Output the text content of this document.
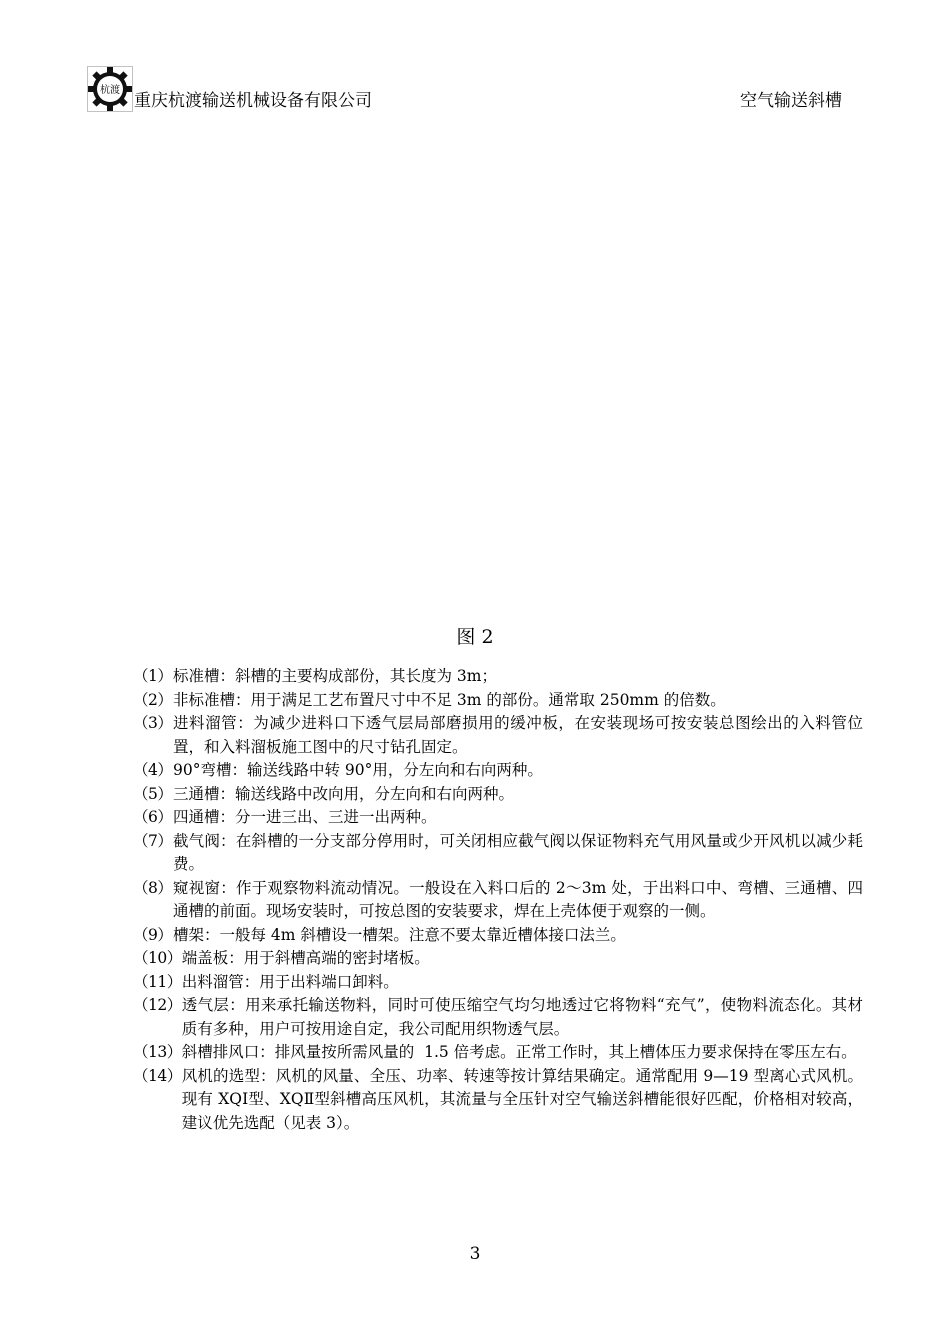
杭渡
重庆杭渡输送机械设备有限公司	空气输送斜槽
图 2
（1） 标准槽：斜槽的主要构成部份，其长度为 3m；
（2） 非标准槽：用于满足工艺布置尺寸中不足 3m 的部份。通常取 250mm 的倍数。
（3） 进料溜管：为减少进料口下透气层局部磨损用的缓冲板，在安装现场可按安装总图绘出的入料管位置，和入料溜板施工图中的尺寸钻孔固定。
（4） 90°弯槽：输送线路中转 90°用，分左向和右向两种。
（5） 三通槽：输送线路中改向用，分左向和右向两种。
（6） 四通槽：分一进三出、三进一出两种。
（7） 截气阀：在斜槽的一分支部分停用时，可关闭相应截气阀以保证物料充气用风量或少开风机以减少耗费。
（8） 窥视窗：作于观察物料流动情况。一般设在入料口后的 2～3m 处，于出料口中、弯槽、三通槽、四通槽的前面。现场安装时，可按总图的安装要求，焊在上壳体便于观察的一侧。
（9） 槽架：一般每 4m 斜槽设一槽架。注意不要太靠近槽体接口法兰。
（10） 端盖板：用于斜槽高端的密封堵板。
（11） 出料溜管：用于出料端口卸料。
（12） 透气层：用来承托输送物料，同时可使压缩空气均匀地透过它将物料“充气”，使物料流态化。其材质有多种，用户可按用途自定，我公司配用织物透气层。
（13） 斜槽排风口：排风量按所需风量的  1.5 倍考虑。正常工作时，其上槽体压力要求保持在零压左右。
（14） 风机的选型：风机的风量、全压、功率、转速等按计算结果确定。通常配用 9—19 型离心式风机。现有 XQⅠ型、XQⅡ型斜槽高压风机，其流量与全压针对空气输送斜槽能很好匹配，价格相对较高，建议优先选配（见表 3）。
3
